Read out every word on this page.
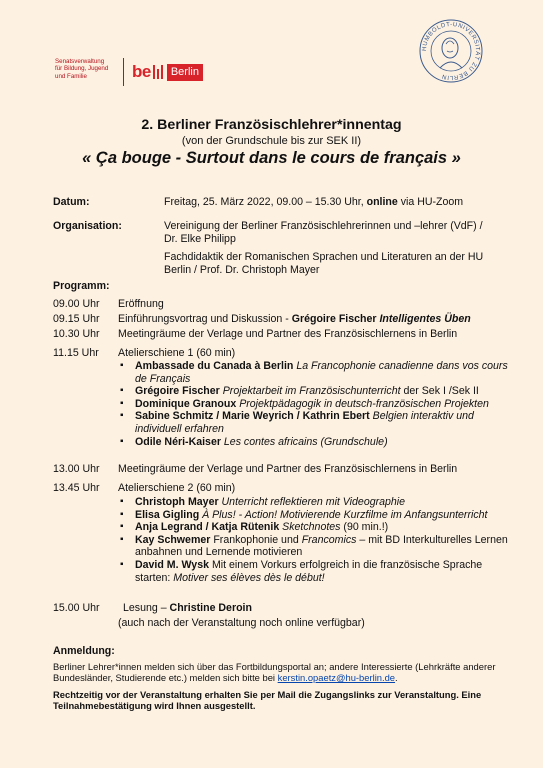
Senatsverwaltung
für Bildung, Jugend
und Familie	be	Berlin
HUMBOLDT-UNIVERSITÄT ZU BERLIN
2. Berliner Französischlehrer*innentag
(von der Grundschule bis zur SEK II)
« Ça bouge - Surtout dans le cours de français »
Datum:	Freitag, 25. März 2022, 09.00 – 15.30 Uhr, online via HU-Zoom
Organisation:	Vereinigung der Berliner Französischlehrerinnen und –lehrer (VdF) /
Dr. Elke Philipp
Fachdidaktik der Romanischen Sprachen und Literaturen an der HU
Berlin / Prof. Dr. Christoph Mayer
Programm:
09.00 Uhr Eröffnung
09.15 Uhr Einführungsvortrag und Diskussion - Grégoire Fischer Intelligentes Üben
10.30 Uhr Meetingräume der Verlage und Partner des Französischlernens in Berlin
11.15 Uhr Atelierschiene 1 (60 min)
▪ Ambassade du Canada à Berlin La Francophonie canadienne dans vos cours de Français
▪ Grégoire Fischer Projektarbeit im Französischunterricht der Sek I /Sek II
▪ Dominique Granoux Projektpädagogik in deutsch-französischen Projekten
▪ Sabine Schmitz / Marie Weyrich / Kathrin Ebert Belgien interaktiv und individuell erfahren
▪ Odile Néri-Kaiser Les contes africains (Grundschule)
13.00 Uhr Meetingräume der Verlage und Partner des Französischlernens in Berlin
13.45 Uhr Atelierschiene 2 (60 min)
▪ Christoph Mayer Unterricht reflektieren mit Videographie
▪ Elisa Gigling À Plus! - Action! Motivierende Kurzfilme im Anfangsunterricht
▪ Anja Legrand / Katja Rütenik Sketchnotes (90 min.!)
▪ Kay Schwemer Frankophonie und Francomics – mit BD Interkulturelles Lernen anbahnen und Lernende motivieren
▪ David M. Wysk Mit einem Vorkurs erfolgreich in die französische Sprache starten: Motiver ses élèves dès le début!
15.00 Uhr Lesung – Christine Deroin
(auch nach der Veranstaltung noch online verfügbar)
Anmeldung:
Berliner Lehrer*innen melden sich über das Fortbildungsportal an; andere Interessierte (Lehrkräfte anderer Bundesländer, Studierende etc.) melden sich bitte bei kerstin.opaetz@hu-berlin.de.
Rechtzeitig vor der Veranstaltung erhalten Sie per Mail die Zugangslinks zur Veranstaltung. Eine Teilnahmebestätigung wird Ihnen ausgestellt.
